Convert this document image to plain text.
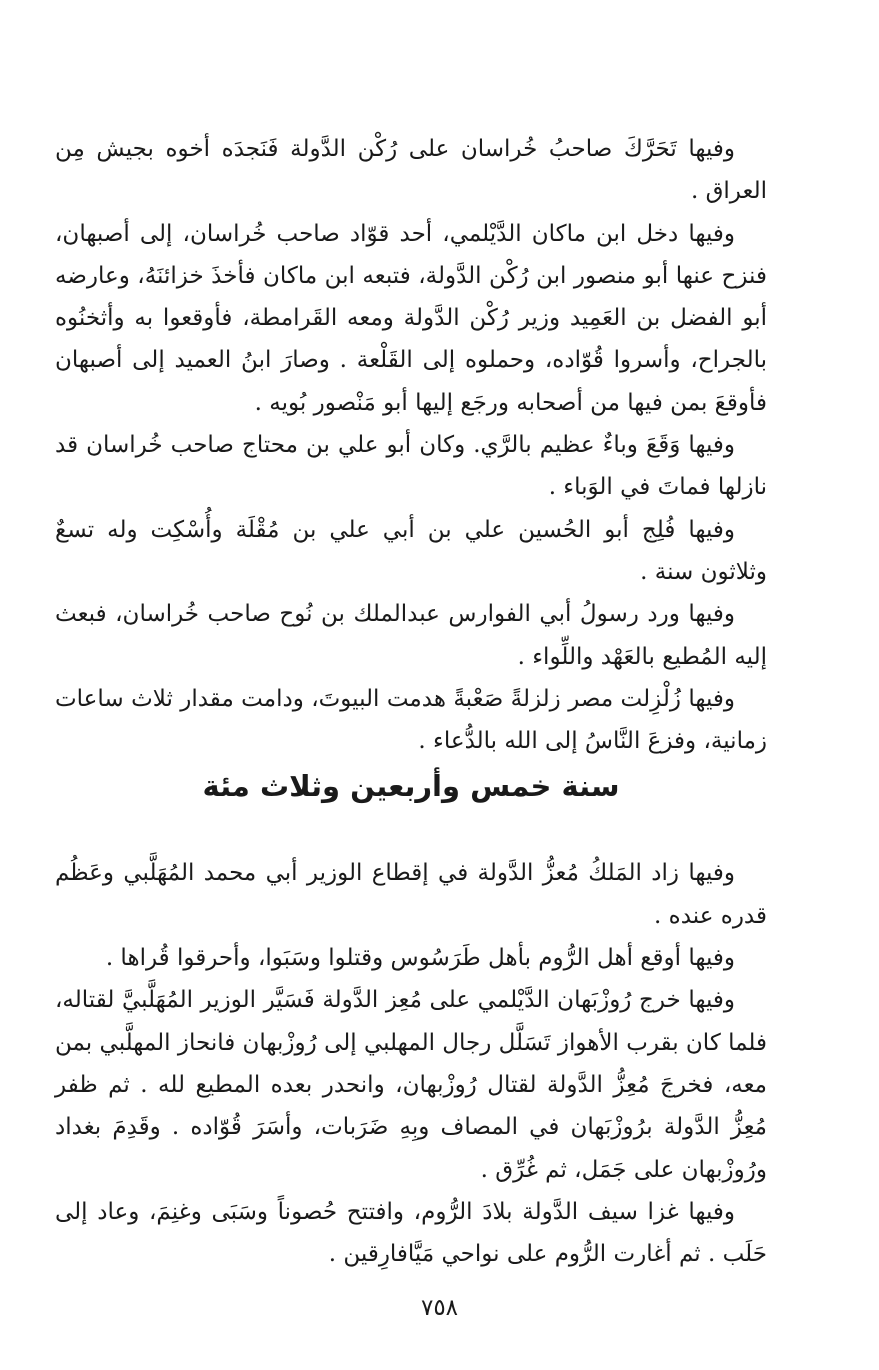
وفيها تَحَرَّكَ صاحبُ خُراسان على رُكْن الدَّولة فَنَجدَه أخوه بجيش مِن العراق .

وفيها دخل ابن ماكان الدَّيْلمي، أحد قوّاد صاحب خُراسان، إلى أصبهان، فنزح عنها أبو منصور ابن رُكْن الدَّولة، فتبعه ابن ماكان فأخذَ خزائنَهُ، وعارضه أبو الفضل بن العَمِيد وزير رُكْن الدَّولة ومعه القَرامطة، فأوقعوا به وأثخنُوه بالجراح، وأسروا قُوّاده، وحملوه إلى القَلْعة . وصارَ ابنُ العميد إلى أصبهان فأوقعَ بمن فيها من أصحابه ورجَع إليها أبو مَنْصور بُويه .

وفيها وَقَعَ وباءٌ عظيم بالرَّي. وكان أبو علي بن محتاج صاحب خُراسان قد نازلها فماتَ في الوَباء .

وفيها فُلِج أبو الحُسين علي بن أبي علي بن مُقْلَة وأُسْكِت وله تسعٌ وثلاثون سنة .

وفيها ورد رسولُ أبي الفوارس عبدالملك بن نُوح صاحب خُراسان، فبعث إليه المُطيع بالعَهْد واللِّواء .

وفيها زُلْزِلت مصر زلزلةً صَعْبةً هدمت البيوتَ، ودامت مقدار ثلاث ساعات زمانية، وفزعَ النَّاسُ إلى الله بالدُّعاء .

سنة خمس وأربعين وثلاث مئة

وفيها زاد المَلكُ مُعزُّ الدَّولة في إقطاع الوزير أبي محمد المُهَلَّبي وعَظُم قدره عنده .

وفيها أوقع أهل الرُّوم بأهل طَرَسُوس وقتلوا وسَبَوا، وأحرقوا قُراها .

وفيها خرج رُوزْبَهان الدَّيْلمي على مُعِز الدَّولة فَسَيَّر الوزير المُهَلَّبيَّ لقتاله، فلما كان بقرب الأهواز تَسَلَّل رجال المهلبي إلى رُوزْبهان فانحاز المهلَّبي بمن معه، فخرجَ مُعِزُّ الدَّولة لقتال رُوزْبهان، وانحدر بعده المطيع لله . ثم ظفر مُعِزُّ الدَّولة برُوزْبَهان في المصاف وبِهِ ضَرَبات، وأسَرَ قُوّاده . وقَدِمَ بغداد ورُوزْبهان على جَمَل، ثم غُرِّق .

وفيها غزا سيف الدَّولة بلادَ الرُّوم، وافتتح حُصوناً وسَبَى وغنِمَ، وعاد إلى حَلَب . ثم أغارت الرُّوم على نواحي مَيَّافارِقين .

٧٥٨
